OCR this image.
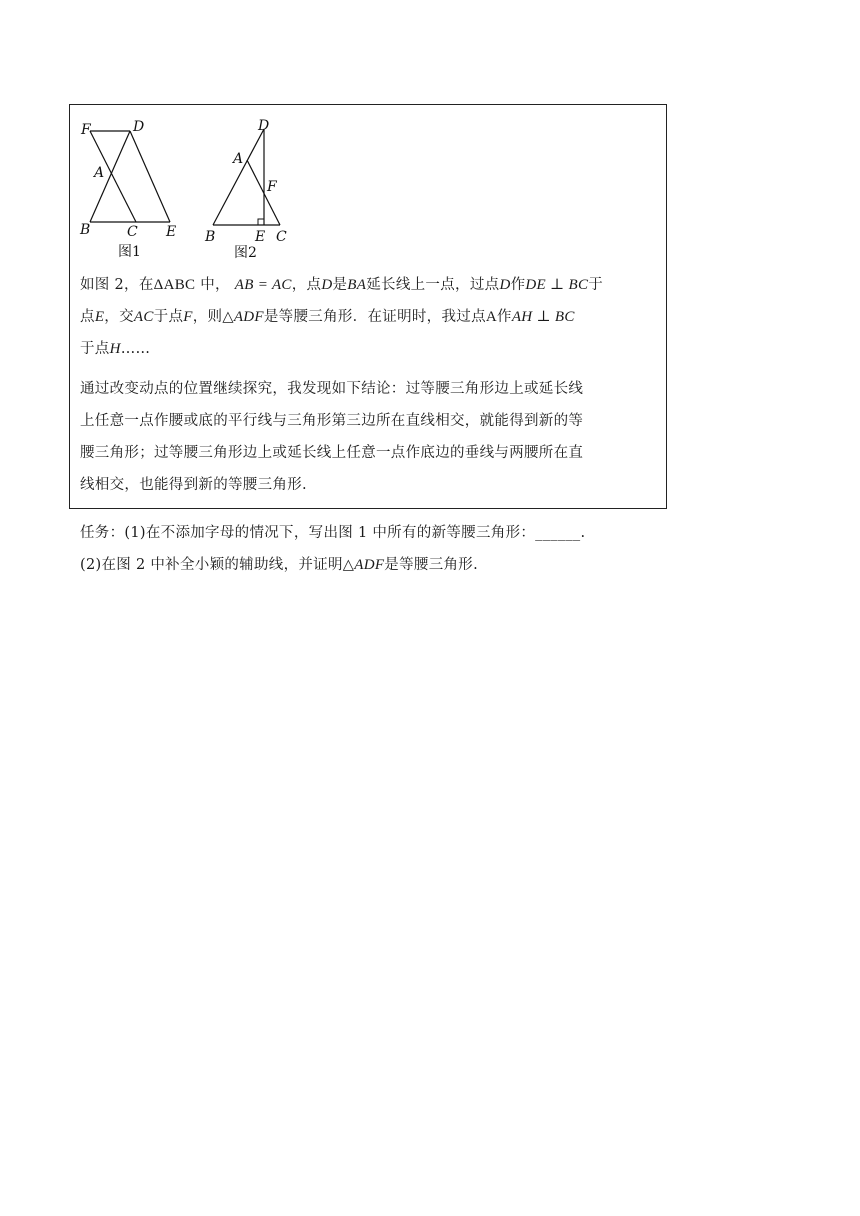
F	D
A
B	C E
图1
D
A
F
B	E C
图2
如图 2，在ΔABC 中， AB = AC，点D是BA延长线上一点，过点D作DE ⊥ BC于
点E，交AC于点F，则△ADF是等腰三角形．在证明时，我过点A作AH ⊥ BC
于点H……
通过改变动点的位置继续探究，我发现如下结论：过等腰三角形边上或延长线
上任意一点作腰或底的平行线与三角形第三边所在直线相交，就能得到新的等
腰三角形；过等腰三角形边上或延长线上任意一点作底边的垂线与两腰所在直
线相交，也能得到新的等腰三角形.
任务：(1)在不添加字母的情况下，写出图 1 中所有的新等腰三角形：______.
(2)在图 2 中补全小颖的辅助线，并证明△ADF是等腰三角形.
